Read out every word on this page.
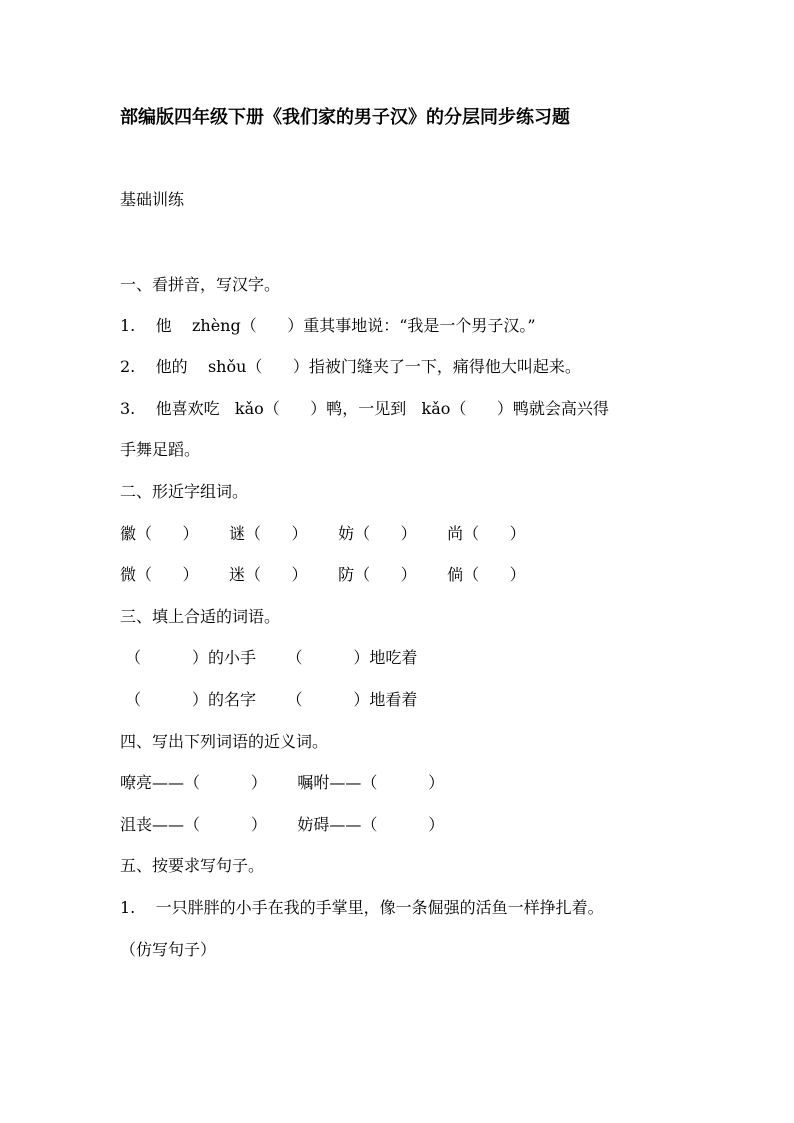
部编版四年级下册《我们家的男子汉》的分层同步练习题
基础训练
一、看拼音，写汉字。
1.    他    zhèng（      ）重其事地说：“我是一个男子汉。”
2.    他的    shǒu（      ）指被门缝夹了一下，痛得他大叫起来。
3.    他喜欢吃   kǎo（      ）鸭，一见到   kǎo（      ）鸭就会高兴得
手舞足蹈。
二、形近字组词。
徽（      ）      谜（      ）      妨（      ）      尚（      ）
微（      ）      迷（      ）      防（      ）      倘（      ）
三、填上合适的词语。
（          ）的小手      （          ）地吃着
（          ）的名字      （          ）地看着
四、写出下列词语的近义词。
嘹亮——（          ）      嘱咐——（          ）
沮丧——（          ）      妨碍——（          ）
五、按要求写句子。
1.    一只胖胖的小手在我的手掌里，像一条倔强的活鱼一样挣扎着。
（仿写句子）
